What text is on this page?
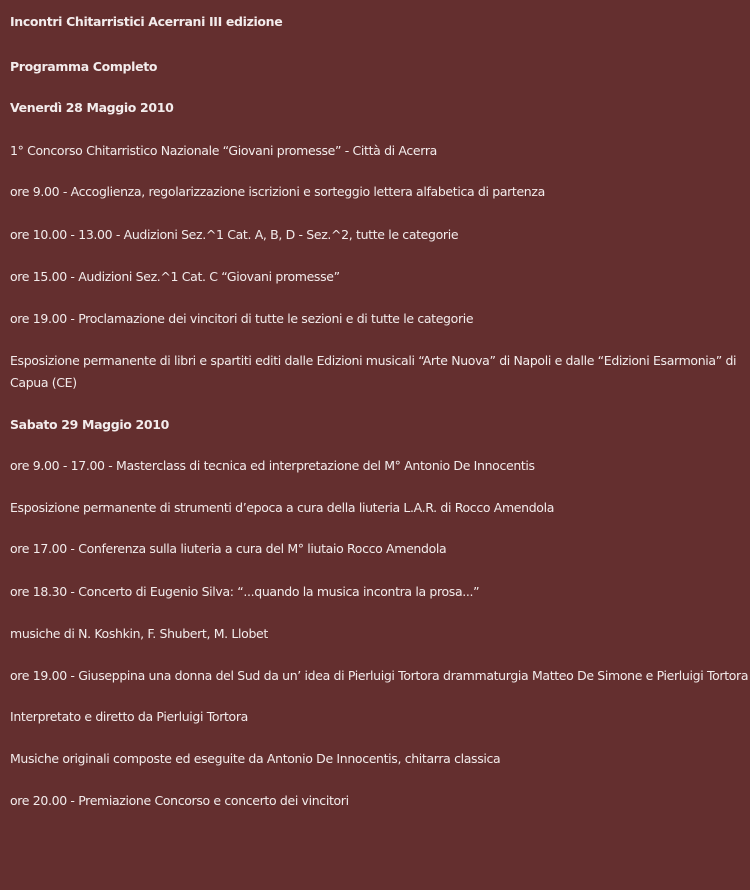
Incontri Chitarristici Acerrani III edizione

Programma Completo

Venerdì 28 Maggio 2010

1° Concorso Chitarristico Nazionale “Giovani promesse” - Città di Acerra

ore 9.00 - Accoglienza, regolarizzazione iscrizioni e sorteggio lettera alfabetica di partenza

ore 10.00 - 13.00 - Audizioni Sez.^1 Cat. A, B, D - Sez.^2, tutte le categorie

ore 15.00 - Audizioni Sez.^1 Cat. C “Giovani promesse”

ore 19.00 - Proclamazione dei vincitori di tutte le sezioni e di tutte le categorie

Esposizione permanente di libri e spartiti editi dalle Edizioni musicali “Arte Nuova” di Napoli e dalle “Edizioni Esarmonia” di Capua (CE)

Sabato 29 Maggio 2010

ore 9.00 - 17.00 - Masterclass di tecnica ed interpretazione del M° Antonio De Innocentis

Esposizione permanente di strumenti d’epoca a cura della liuteria L.A.R. di Rocco Amendola

ore 17.00 - Conferenza sulla liuteria a cura del M° liutaio Rocco Amendola

ore 18.30 - Concerto di Eugenio Silva: “...quando la musica incontra la prosa...”

musiche di N. Koshkin, F. Shubert, M. Llobet

ore 19.00 - Giuseppina una donna del Sud da un’ idea di Pierluigi Tortora drammaturgia Matteo De Simone e Pierluigi Tortora

Interpretato e diretto da Pierluigi Tortora

Musiche originali composte ed eseguite da Antonio De Innocentis, chitarra classica

ore 20.00 - Premiazione Concorso e concerto dei vincitori
